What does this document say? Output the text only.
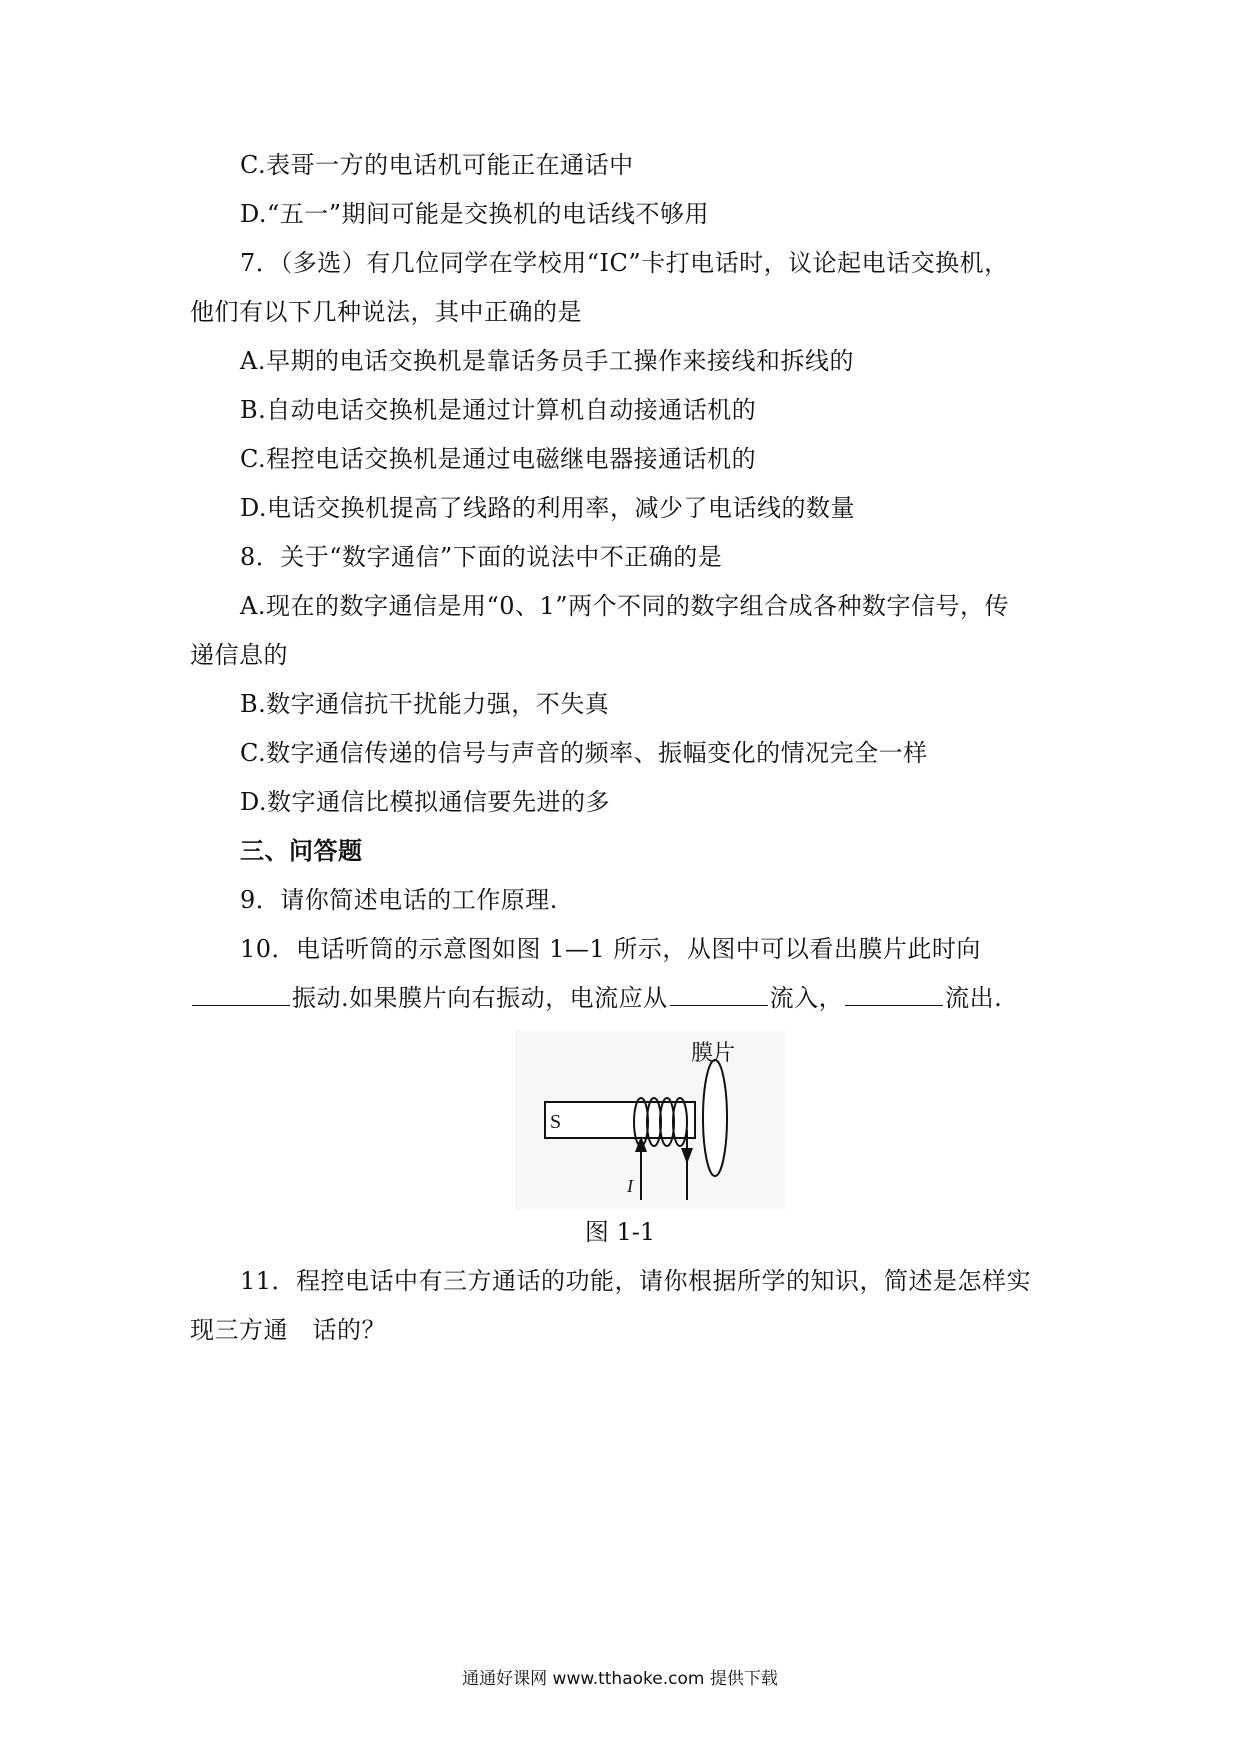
C.表哥一方的电话机可能正在通话中
D.“五一”期间可能是交换机的电话线不够用
7．（多选）有几位同学在学校用“IC”卡打电话时，议论起电话交换机，
他们有以下几种说法，其中正确的是
A.早期的电话交换机是靠话务员手工操作来接线和拆线的
B.自动电话交换机是通过计算机自动接通话机的
C.程控电话交换机是通过电磁继电器接通话机的
D.电话交换机提高了线路的利用率，减少了电话线的数量
8．关于“数字通信”下面的说法中不正确的是
A.现在的数字通信是用“0、1”两个不同的数字组合成各种数字信号，传
递信息的
B.数字通信抗干扰能力强，不失真
C.数字通信传递的信号与声音的频率、振幅变化的情况完全一样
D.数字通信比模拟通信要先进的多
三、问答题
9．请你简述电话的工作原理.
10．电话听筒的示意图如图 1—1 所示，从图中可以看出膜片此时向
振动.如果膜片向右振动，电流应从	流入，	流出.
S
I
膜片
图 1-1
11．程控电话中有三方通话的功能，请你根据所学的知识，简述是怎样实
现三方通　话的？
通通好课网 www.tthaoke.com 提供下载
